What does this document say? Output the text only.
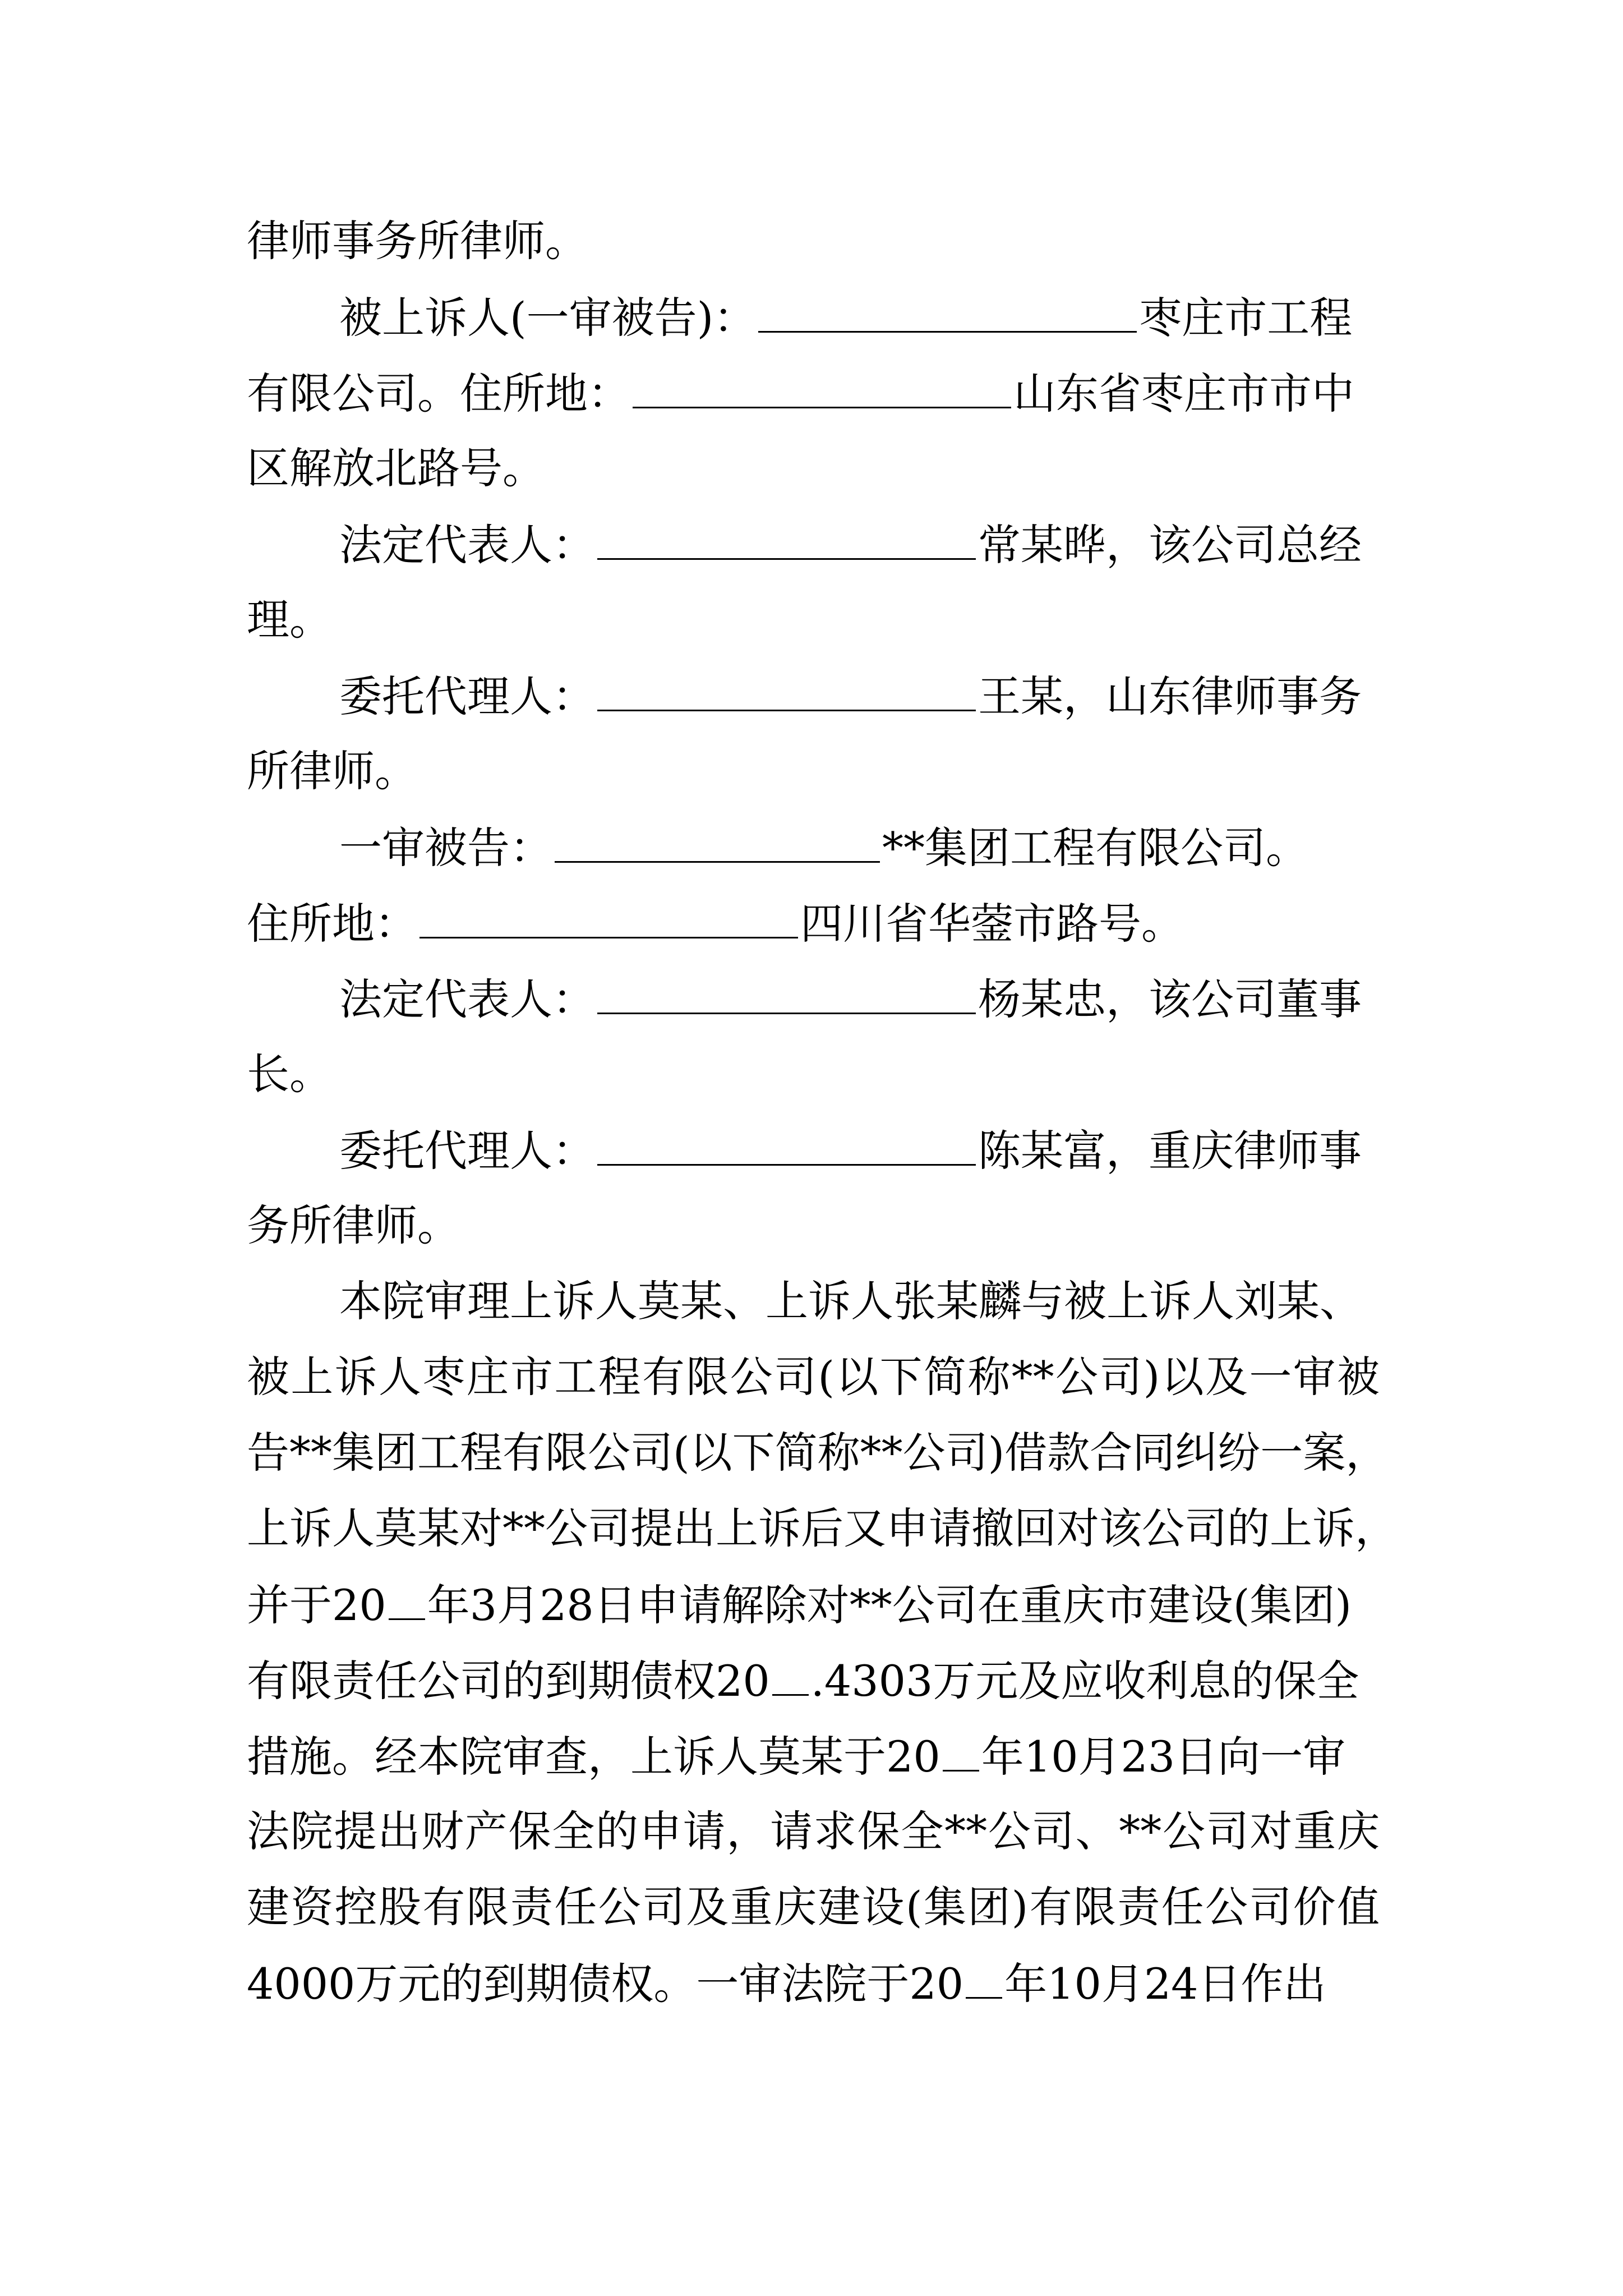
律师事务所律师。
被上诉人(一审被告)：	枣庄市工程
有限公司。住所地：	山东省枣庄市市中
区解放北路号。
法定代表人：	常某晔，该公司总经
理。
委托代理人：	王某，山东律师事务
所律师。
一审被告：	**集团工程有限公司。
住所地：	四川省华蓥市路号。
法定代表人：	杨某忠，该公司董事
长。
委托代理人：	陈某富，重庆律师事
务所律师。
本院审理上诉人莫某、上诉人张某麟与被上诉人刘某、
被上诉人枣庄市工程有限公司(以下简称**公司)以及一审被
告**集团工程有限公司(以下简称**公司)借款合同纠纷一案，
上诉人莫某对**公司提出上诉后又申请撤回对该公司的上诉，
并于20 年3月28日申请解除对**公司在重庆市建设(集团)
有限责任公司的到期债权20 .4303万元及应收利息的保全
措施。经本院审查，上诉人莫某于20 年10月23日向一审
法院提出财产保全的申请，请求保全**公司、**公司对重庆
建资控股有限责任公司及重庆建设(集团)有限责任公司价值
4000万元的到期债权。一审法院于20 年10月24日作出
